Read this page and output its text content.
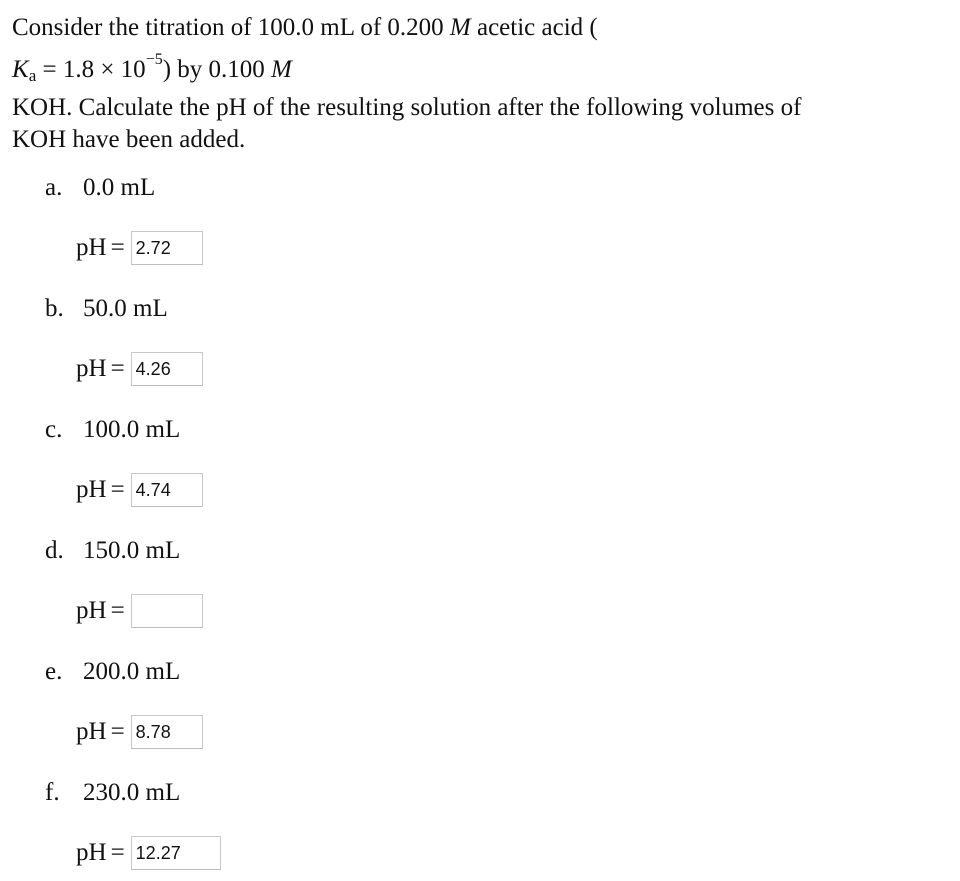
Consider the titration of 100.0 mL of 0.200 M acetic acid (
$K_a = 1.8 \times 10^{-5}$) by 0.100 M
KOH. Calculate the pH of the resulting solution after the following volumes of
KOH have been added.
a. 0.0 mL
pH = 2.72
b. 50.0 mL
pH = 4.26
c. 100.0 mL
pH = 4.74
d. 150.0 mL
pH =
e. 200.0 mL
pH = 8.78
f. 230.0 mL
pH = 12.27
